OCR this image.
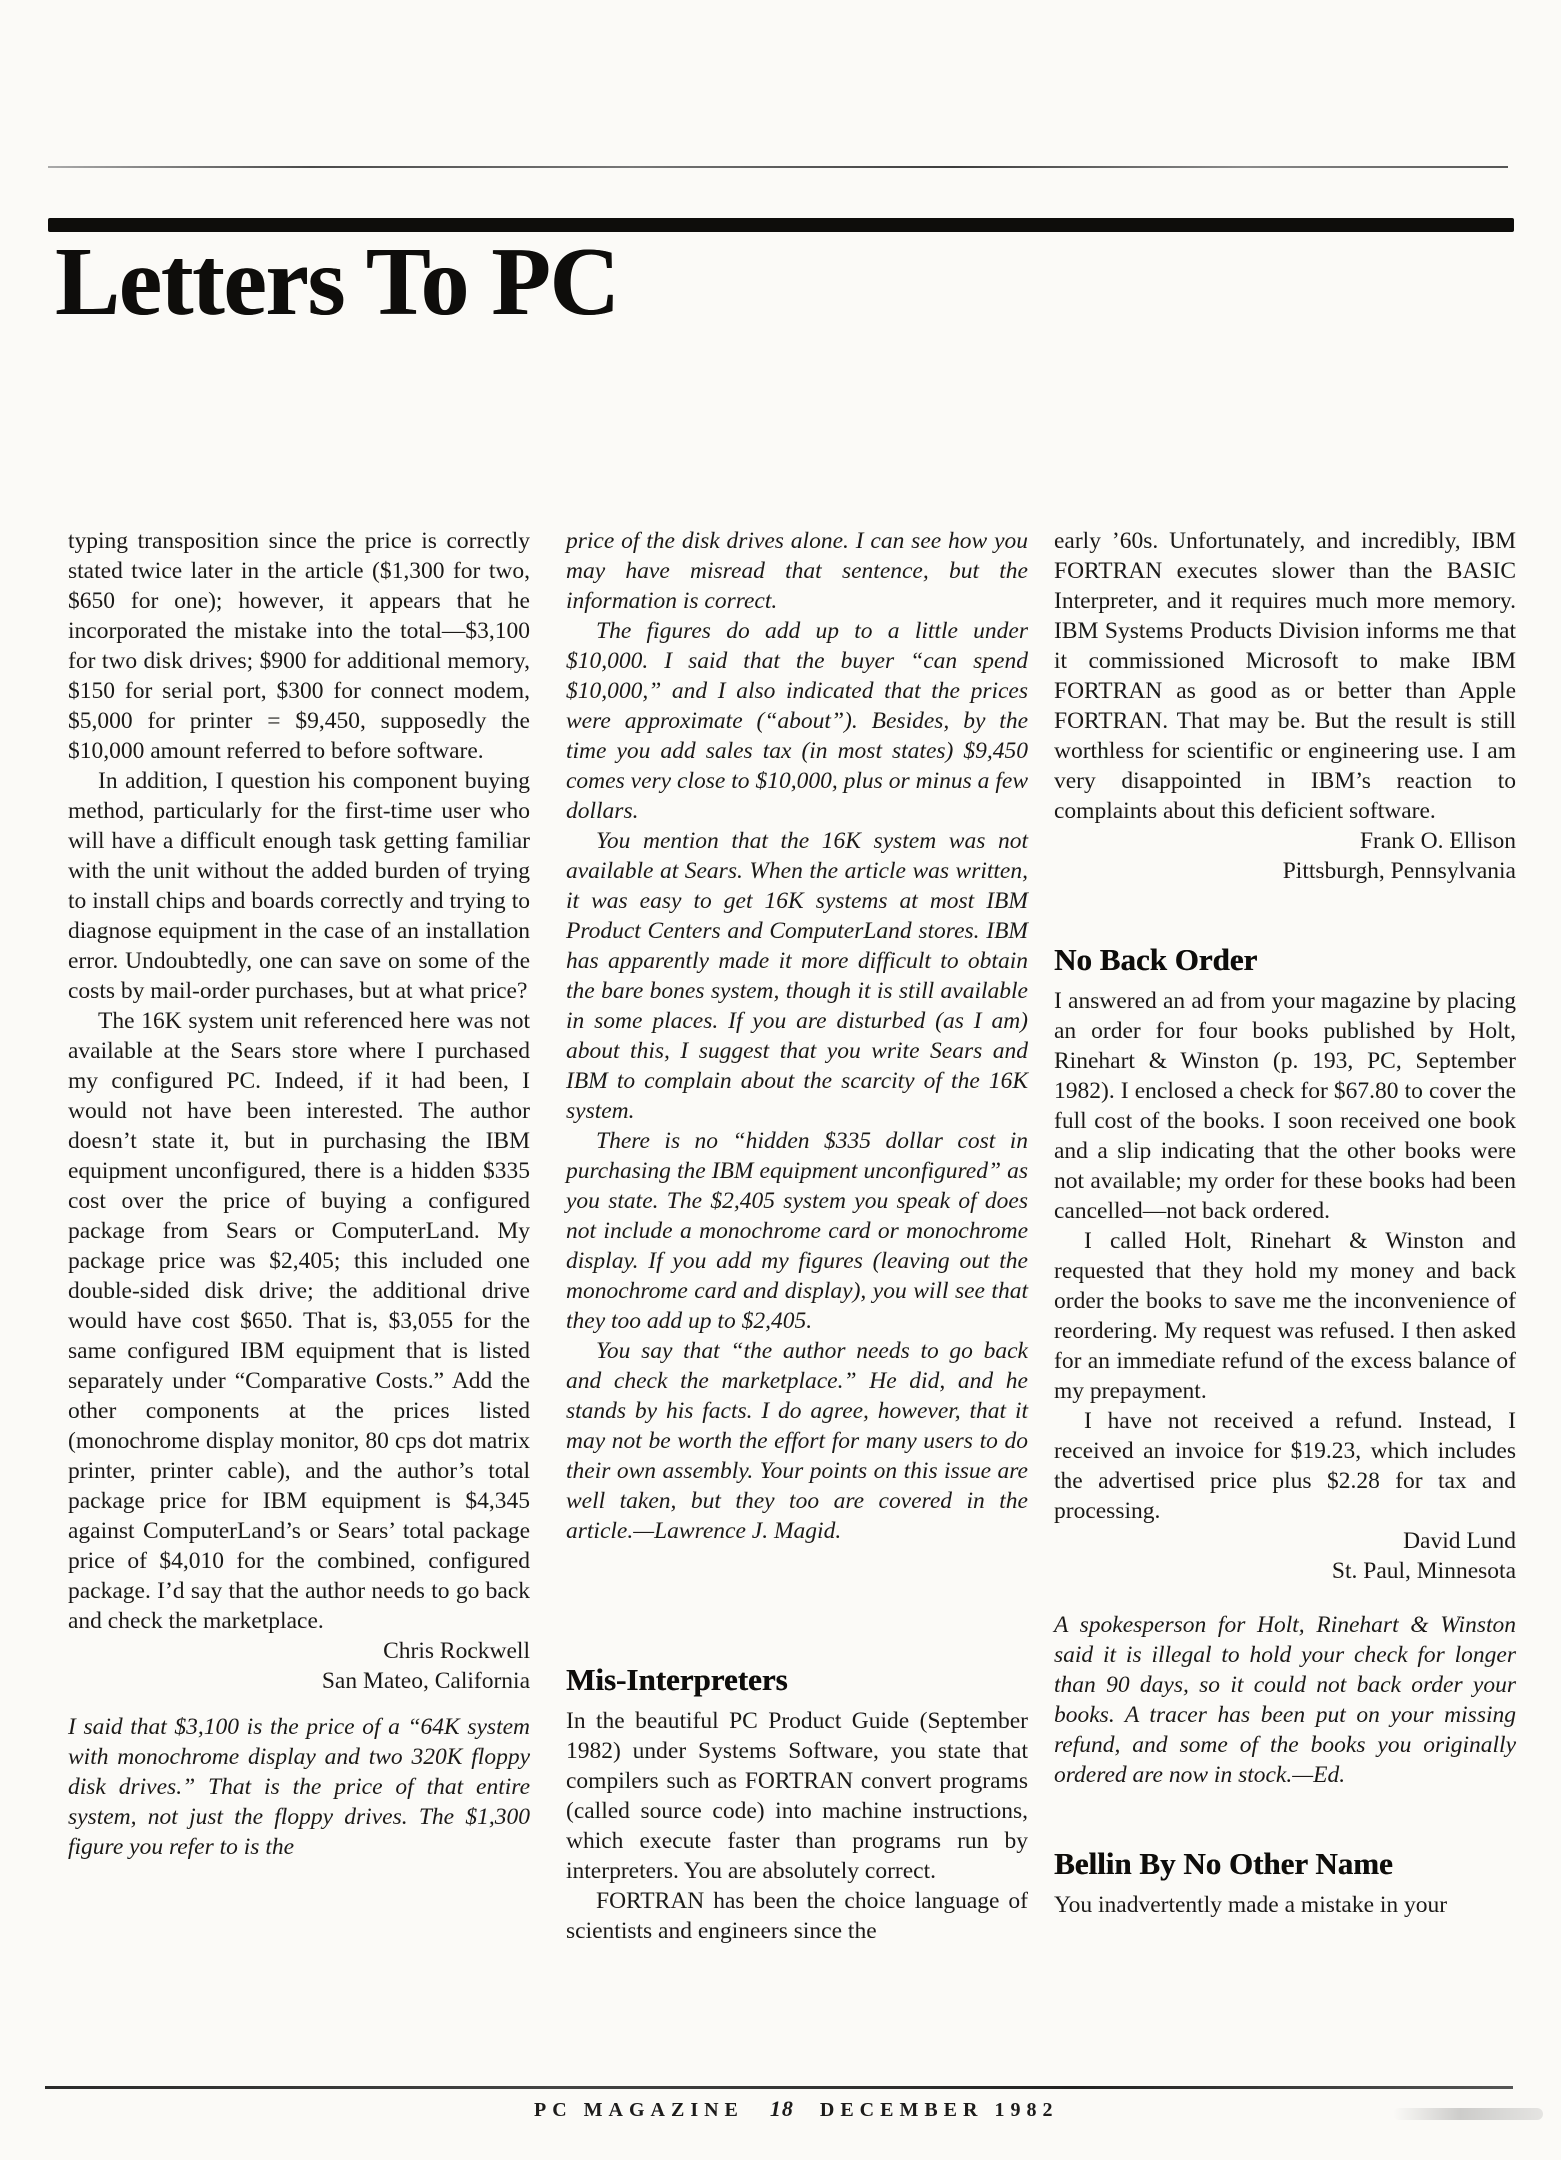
Letters To PC

typing transposition since the price is correctly stated twice later in the article ($1,300 for two, $650 for one); however, it appears that he incorporated the mistake into the total—$3,100 for two disk drives; $900 for additional memory, $150 for serial port, $300 for connect modem, $5,000 for printer = $9,450, supposedly the $10,000 amount referred to before software.

In addition, I question his component buying method, particularly for the first-time user who will have a difficult enough task getting familiar with the unit without the added burden of trying to install chips and boards correctly and trying to diagnose equipment in the case of an installation error. Undoubtedly, one can save on some of the costs by mail-order purchases, but at what price?

The 16K system unit referenced here was not available at the Sears store where I purchased my configured PC. Indeed, if it had been, I would not have been interested. The author doesn’t state it, but in purchasing the IBM equipment unconfigured, there is a hidden $335 cost over the price of buying a configured package from Sears or ComputerLand. My package price was $2,405; this included one double-sided disk drive; the additional drive would have cost $650. That is, $3,055 for the same configured IBM equipment that is listed separately under “Comparative Costs.” Add the other components at the prices listed (monochrome display monitor, 80 cps dot matrix printer, printer cable), and the author’s total package price for IBM equipment is $4,345 against ComputerLand’s or Sears’ total package price of $4,010 for the combined, configured package. I’d say that the author needs to go back and check the marketplace.

Chris Rockwell
San Mateo, California

I said that $3,100 is the price of a “64K system with monochrome display and two 320K floppy disk drives.” That is the price of that entire system, not just the floppy drives. The $1,300 figure you refer to is the

price of the disk drives alone. I can see how you may have misread that sentence, but the information is correct.

The figures do add up to a little under $10,000. I said that the buyer “can spend $10,000,” and I also indicated that the prices were approximate (“about”). Besides, by the time you add sales tax (in most states) $9,450 comes very close to $10,000, plus or minus a few dollars.

You mention that the 16K system was not available at Sears. When the article was written, it was easy to get 16K systems at most IBM Product Centers and ComputerLand stores. IBM has apparently made it more difficult to obtain the bare bones system, though it is still available in some places. If you are disturbed (as I am) about this, I suggest that you write Sears and IBM to complain about the scarcity of the 16K system.

There is no “hidden $335 dollar cost in purchasing the IBM equipment unconfigured” as you state. The $2,405 system you speak of does not include a monochrome card or monochrome display. If you add my figures (leaving out the monochrome card and display), you will see that they too add up to $2,405.

You say that “the author needs to go back and check the marketplace.” He did, and he stands by his facts. I do agree, however, that it may not be worth the effort for many users to do their own assembly. Your points on this issue are well taken, but they too are covered in the article.—Lawrence J. Magid.

Mis-Interpreters

In the beautiful PC Product Guide (September 1982) under Systems Software, you state that compilers such as FORTRAN convert programs (called source code) into machine instructions, which execute faster than programs run by interpreters. You are absolutely correct.

FORTRAN has been the choice language of scientists and engineers since the

early ’60s. Unfortunately, and incredibly, IBM FORTRAN executes slower than the BASIC Interpreter, and it requires much more memory. IBM Systems Products Division informs me that it commissioned Microsoft to make IBM FORTRAN as good as or better than Apple FORTRAN. That may be. But the result is still worthless for scientific or engineering use. I am very disappointed in IBM’s reaction to complaints about this deficient software.

Frank O. Ellison
Pittsburgh, Pennsylvania
No Back Order

I answered an ad from your magazine by placing an order for four books published by Holt, Rinehart & Winston (p. 193, PC, September 1982). I enclosed a check for $67.80 to cover the full cost of the books. I soon received one book and a slip indicating that the other books were not available; my order for these books had been cancelled—not back ordered.

I called Holt, Rinehart & Winston and requested that they hold my money and back order the books to save me the inconvenience of reordering. My request was refused. I then asked for an immediate refund of the excess balance of my prepayment.

I have not received a refund. Instead, I received an invoice for $19.23, which includes the advertised price plus $2.28 for tax and processing.

David Lund
St. Paul, Minnesota

A spokesperson for Holt, Rinehart & Winston said it is illegal to hold your check for longer than 90 days, so it could not back order your books. A tracer has been put on your missing refund, and some of the books you originally ordered are now in stock.—Ed.

Bellin By No Other Name

You inadvertently made a mistake in your

PC MAGAZINE 18 DECEMBER 1982
